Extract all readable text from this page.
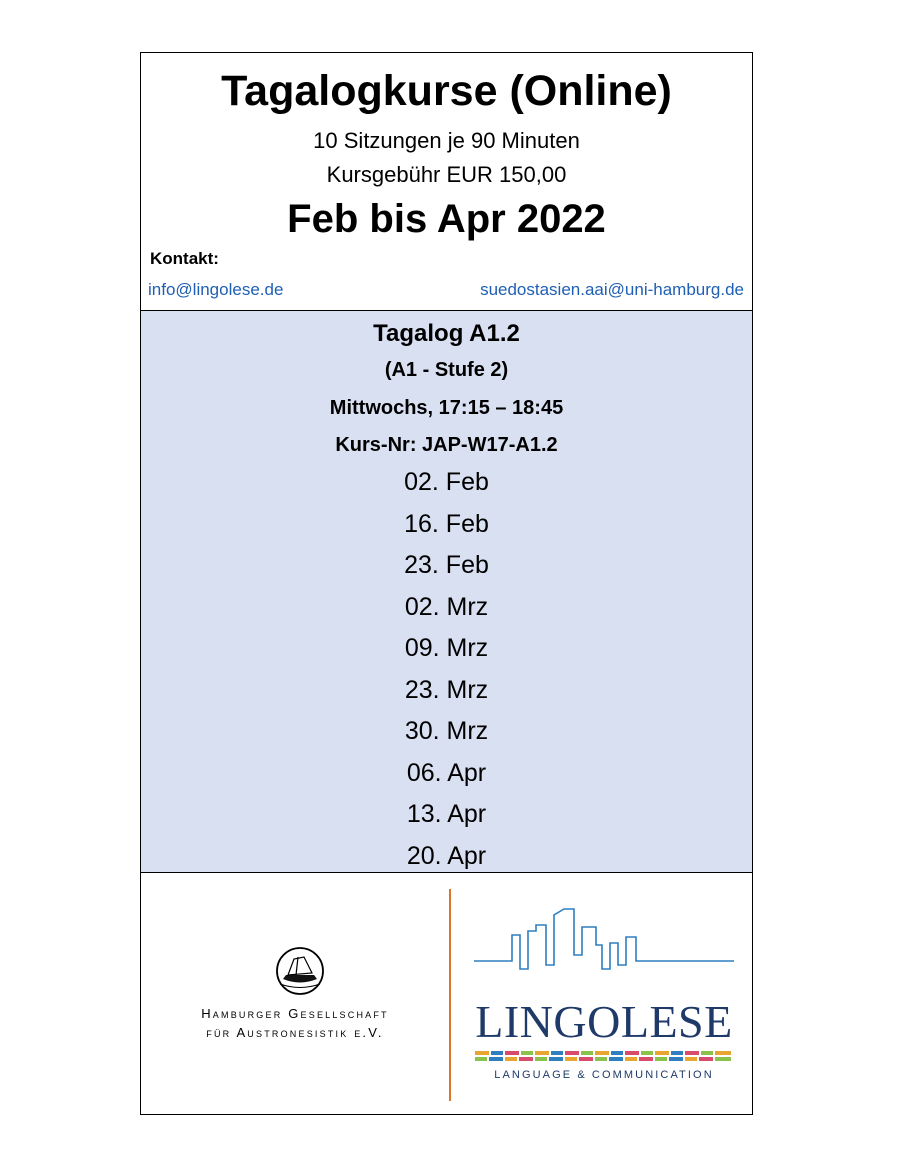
Tagalogkurse (Online)
10 Sitzungen je 90 Minuten
Kursgebühr EUR 150,00
Feb bis Apr 2022
Kontakt:
info@lingolese.de	suedostasien.aai@uni-hamburg.de
Tagalog A1.2
(A1 - Stufe 2)
Mittwochs, 17:15 – 18:45
Kurs-Nr: JAP-W17-A1.2
02. Feb
16. Feb
23. Feb
02. Mrz
09. Mrz
23. Mrz
30. Mrz
06. Apr
13. Apr
20. Apr
Hamburger Gesellschaft
für Austronesistik e.V.	LINGOLESE
LANGUAGE & COMMUNICATION
